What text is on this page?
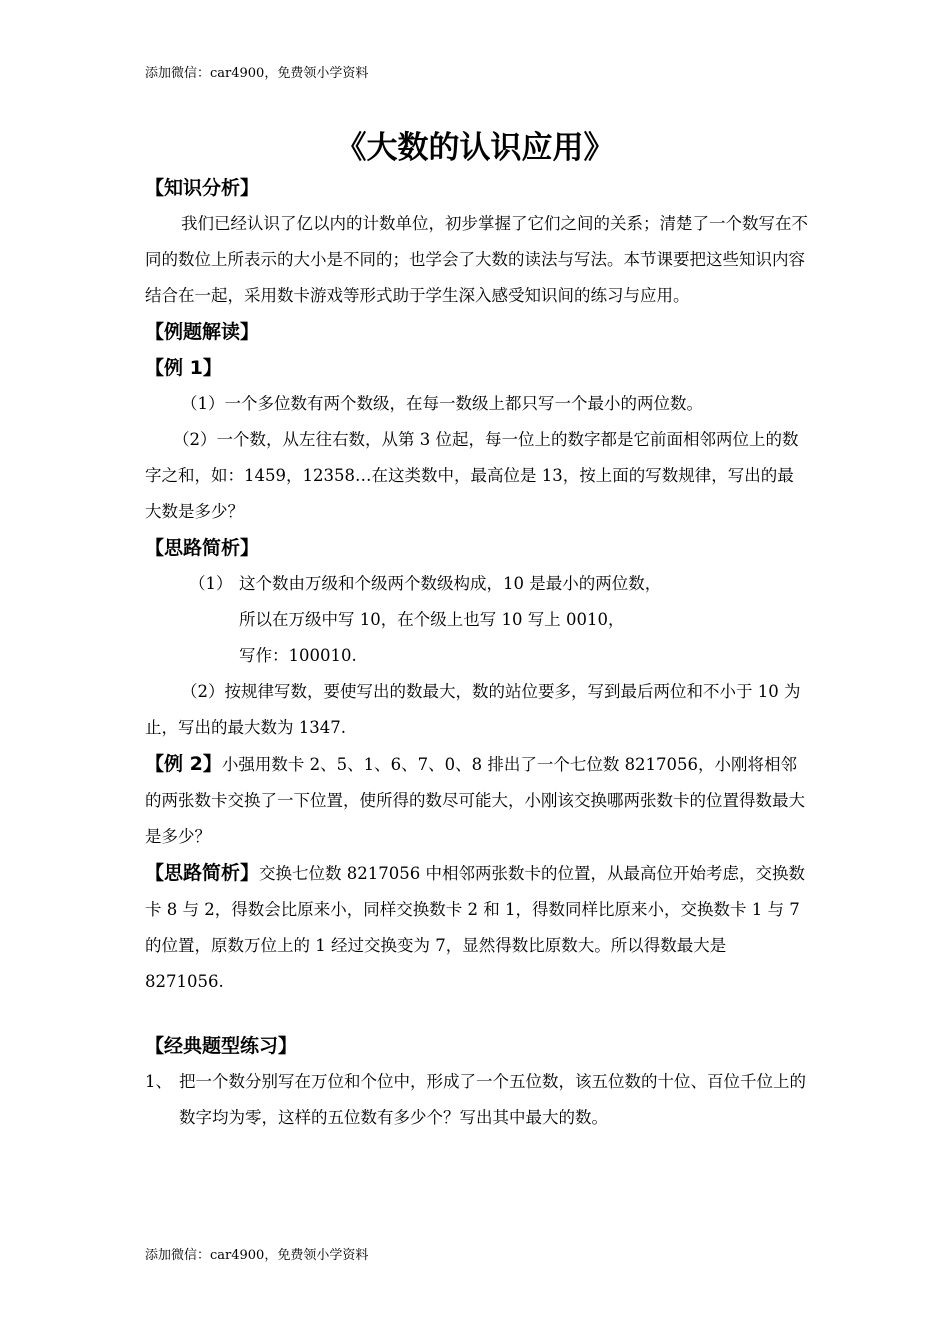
添加微信：car4900，免费领小学资料
《大数的认识应用》
【知识分析】
我们已经认识了亿以内的计数单位，初步掌握了它们之间的关系；清楚了一个数写在不同的数位上所表示的大小是不同的；也学会了大数的读法与写法。本节课要把这些知识内容结合在一起，采用数卡游戏等形式助于学生深入感受知识间的练习与应用。
【例题解读】
【例 1】
（1）一个多位数有两个数级，在每一数级上都只写一个最小的两位数。
（2）一个数，从左往右数，从第 3 位起，每一位上的数字都是它前面相邻两位上的数字之和，如：1459，12358…在这类数中，最高位是 13，按上面的写数规律，写出的最大数是多少？
【思路简析】
（1） 这个数由万级和个级两个数级构成，10 是最小的两位数，
所以在万级中写 10，在个级上也写 10 写上 0010，
写作：100010.
（2）按规律写数，要使写出的数最大，数的站位要多，写到最后两位和不小于 10 为止，写出的最大数为 1347.
【例 2】小强用数卡 2、5、1、6、7、0、8 排出了一个七位数 8217056，小刚将相邻的两张数卡交换了一下位置，使所得的数尽可能大，小刚该交换哪两张数卡的位置得数最大是多少？
【思路简析】交换七位数 8217056 中相邻两张数卡的位置，从最高位开始考虑，交换数卡 8 与 2，得数会比原来小，同样交换数卡 2 和 1，得数同样比原来小，交换数卡 1 与 7 的位置，原数万位上的 1 经过交换变为 7，显然得数比原数大。所以得数最大是 8271056.
【经典题型练习】
1、 把一个数分别写在万位和个位中，形成了一个五位数，该五位数的十位、百位千位上的数字均为零，这样的五位数有多少个？写出其中最大的数。
添加微信：car4900，免费领小学资料
